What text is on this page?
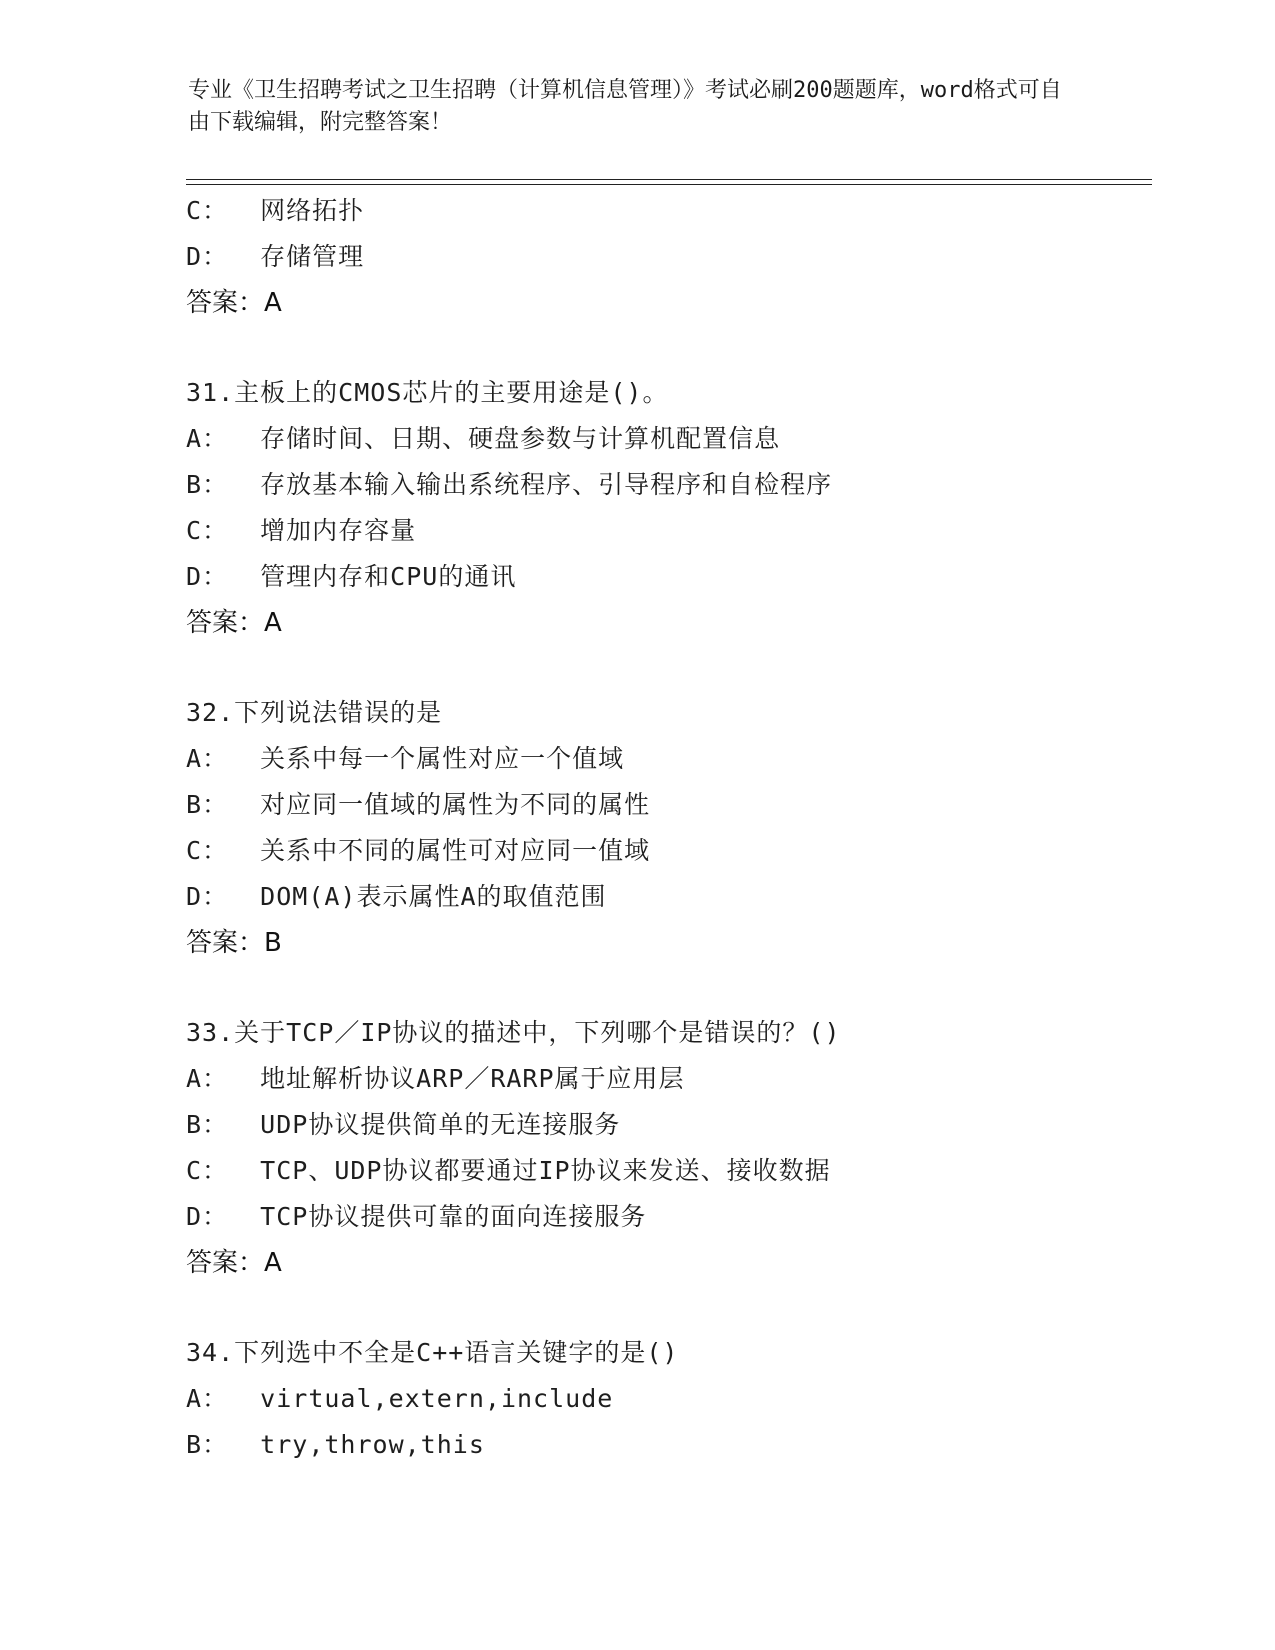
专业《卫生招聘考试之卫生招聘（计算机信息管理）》考试必刷200题题库，word格式可自由下载编辑，附完整答案！
C：  网络拓扑
D：  存储管理
答案：A
31.主板上的CMOS芯片的主要用途是()。
A：  存储时间、日期、硬盘参数与计算机配置信息
B：  存放基本输入输出系统程序、引导程序和自检程序
C：  增加内存容量
D：  管理内存和CPU的通讯
答案：A
32.下列说法错误的是
A：  关系中每一个属性对应一个值域
B：  对应同一值域的属性为不同的属性
C：  关系中不同的属性可对应同一值域
D：  DOM(A)表示属性A的取值范围
答案：B
33.关于TCP／IP协议的描述中，下列哪个是错误的？()
A：  地址解析协议ARP／RARP属于应用层
B：  UDP协议提供简单的无连接服务
C：  TCP、UDP协议都要通过IP协议来发送、接收数据
D：  TCP协议提供可靠的面向连接服务
答案：A
34.下列选中不全是C++语言关键字的是()
A：  virtual,extern,include
B：  try,throw,this
